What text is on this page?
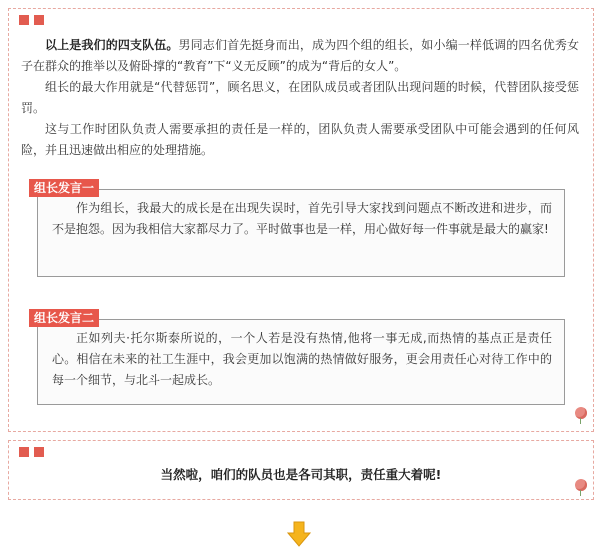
以上是我们的四支队伍。男同志们首先挺身而出，成为四个组的组长，如小编一样低调的四名优秀女子在群众的推举以及俯卧撑的“教育”下“义无反顾”的成为“背后的女人”。

组长的最大作用就是“代替惩罚”，顾名思义，在团队成员或者团队出现问题的时候，代替团队接受惩罚。

这与工作时团队负责人需要承担的责任是一样的，团队负责人需要承受团队中可能会遇到的任何风险，并且迅速做出相应的处理措施。

作为组长，我最大的成长是在出现失误时，首先引导大家找到问题点不断改进和进步，而不是抱怨。因为我相信大家都尽力了。平时做事也是一样，用心做好每一件事就是最大的赢家!

组长发言一

正如列夫·托尔斯泰所说的，一个人若是没有热情,他将一事无成,而热情的基点正是责任心。相信在未来的社工生涯中，我会更加以饱满的热情做好服务，更会用责任心对待工作中的每一个细节，与北斗一起成长。

组长发言二

当然啦，咱们的队员也是各司其职，责任重大着呢!
